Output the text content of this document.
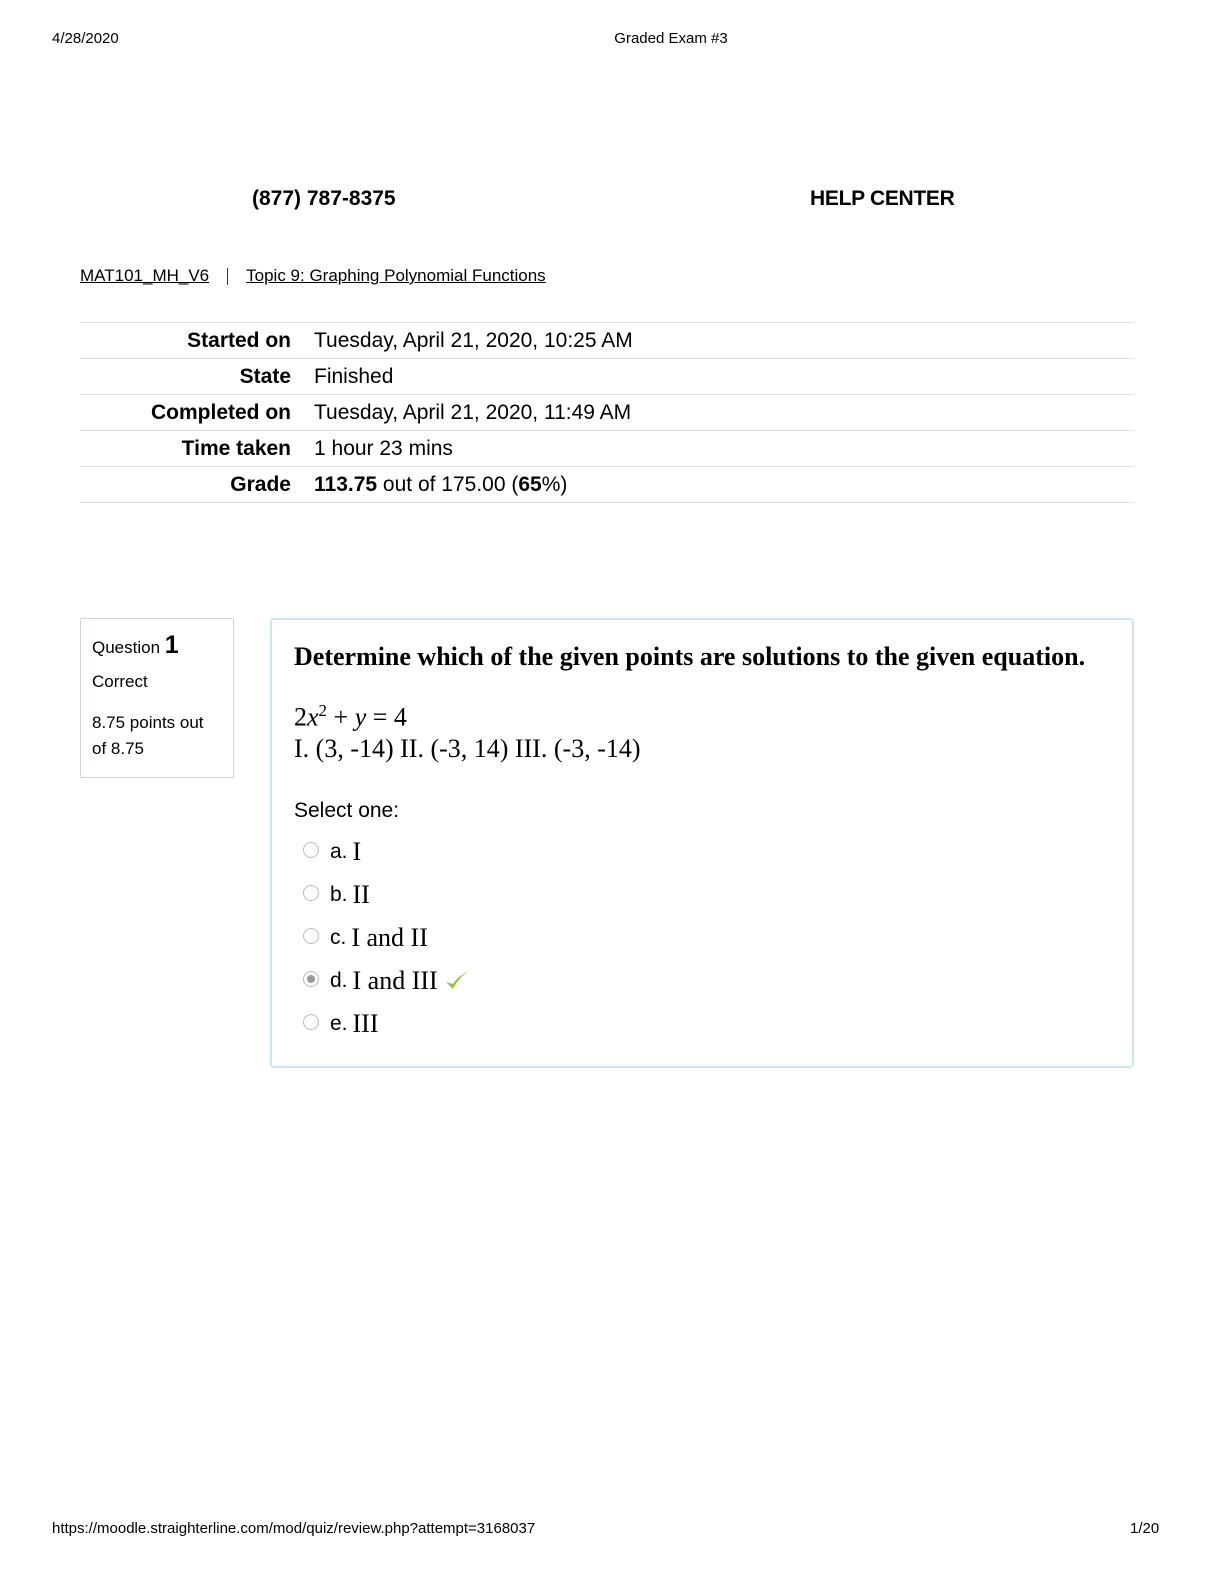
4/28/2020	Graded Exam #3
(877) 787-8375	HELP CENTER
MAT101_MH_V6 Topic 9: Graphing Polynomial Functions
Started on	Tuesday, April 21, 2020, 10:25 AM
State	Finished
Completed on	Tuesday, April 21, 2020, 11:49 AM
Time taken	1 hour 23 mins
Grade	113.75 out of 175.00 (65%)
Question 1
Correct
8.75 points out of 8.75
Determine which of the given points are solutions to the given equation.
$2x^2 + y = 4$
I. (3, -14) II. (-3, 14) III. (-3, -14)
Select one:
a. I
b. II
c. I and II
d. I and III
e. III
https://moodle.straighterline.com/mod/quiz/review.php?attempt=3168037	1/20
